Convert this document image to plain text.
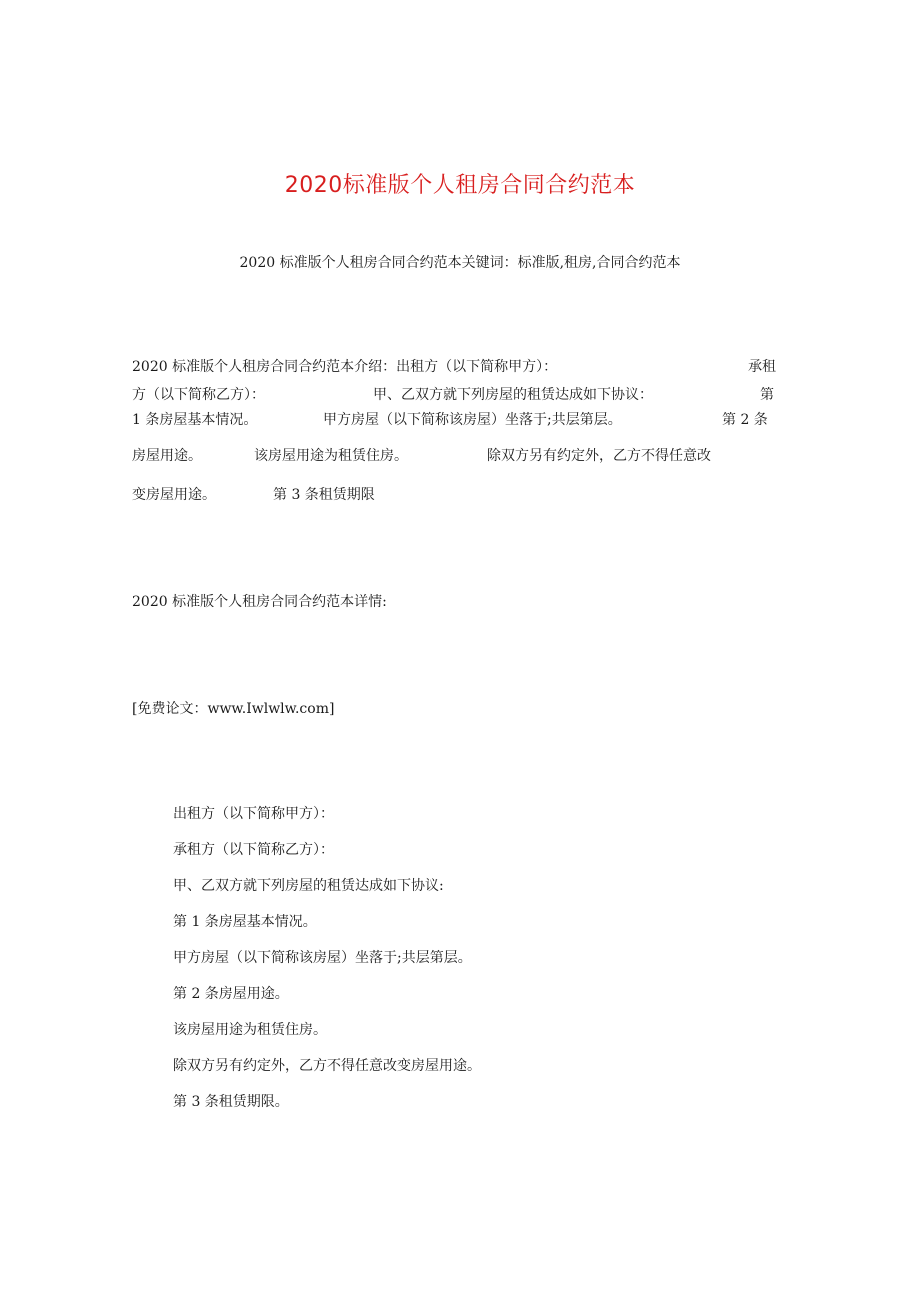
2020标准版个人租房合同合约范本
2020 标准版个人租房合同合约范本关键词：标准版,租房,合同合约范本
2020 标准版个人租房合同合约范本介绍：出租方（以下简称甲方）：	承租
方（以下简称乙方）：	甲、乙双方就下列房屋的租赁达成如下协议：	第
1 条房屋基本情况。	甲方房屋（以下简称该房屋）坐落于;共层第层。	第 2 条
房屋用途。	该房屋用途为租赁住房。	除双方另有约定外，乙方不得任意改
变房屋用途。	第 3 条租赁期限
2020 标准版个人租房合同合约范本详情:
[免费论文：www.Iwlwlw.com]
出租方（以下简称甲方）：
承租方（以下简称乙方）：
甲、乙双方就下列房屋的租赁达成如下协议:
第 1 条房屋基本情况。
甲方房屋（以下简称该房屋）坐落于;共层第层。
第 2 条房屋用途。
该房屋用途为租赁住房。
除双方另有约定外，乙方不得任意改变房屋用途。
第 3 条租赁期限。
